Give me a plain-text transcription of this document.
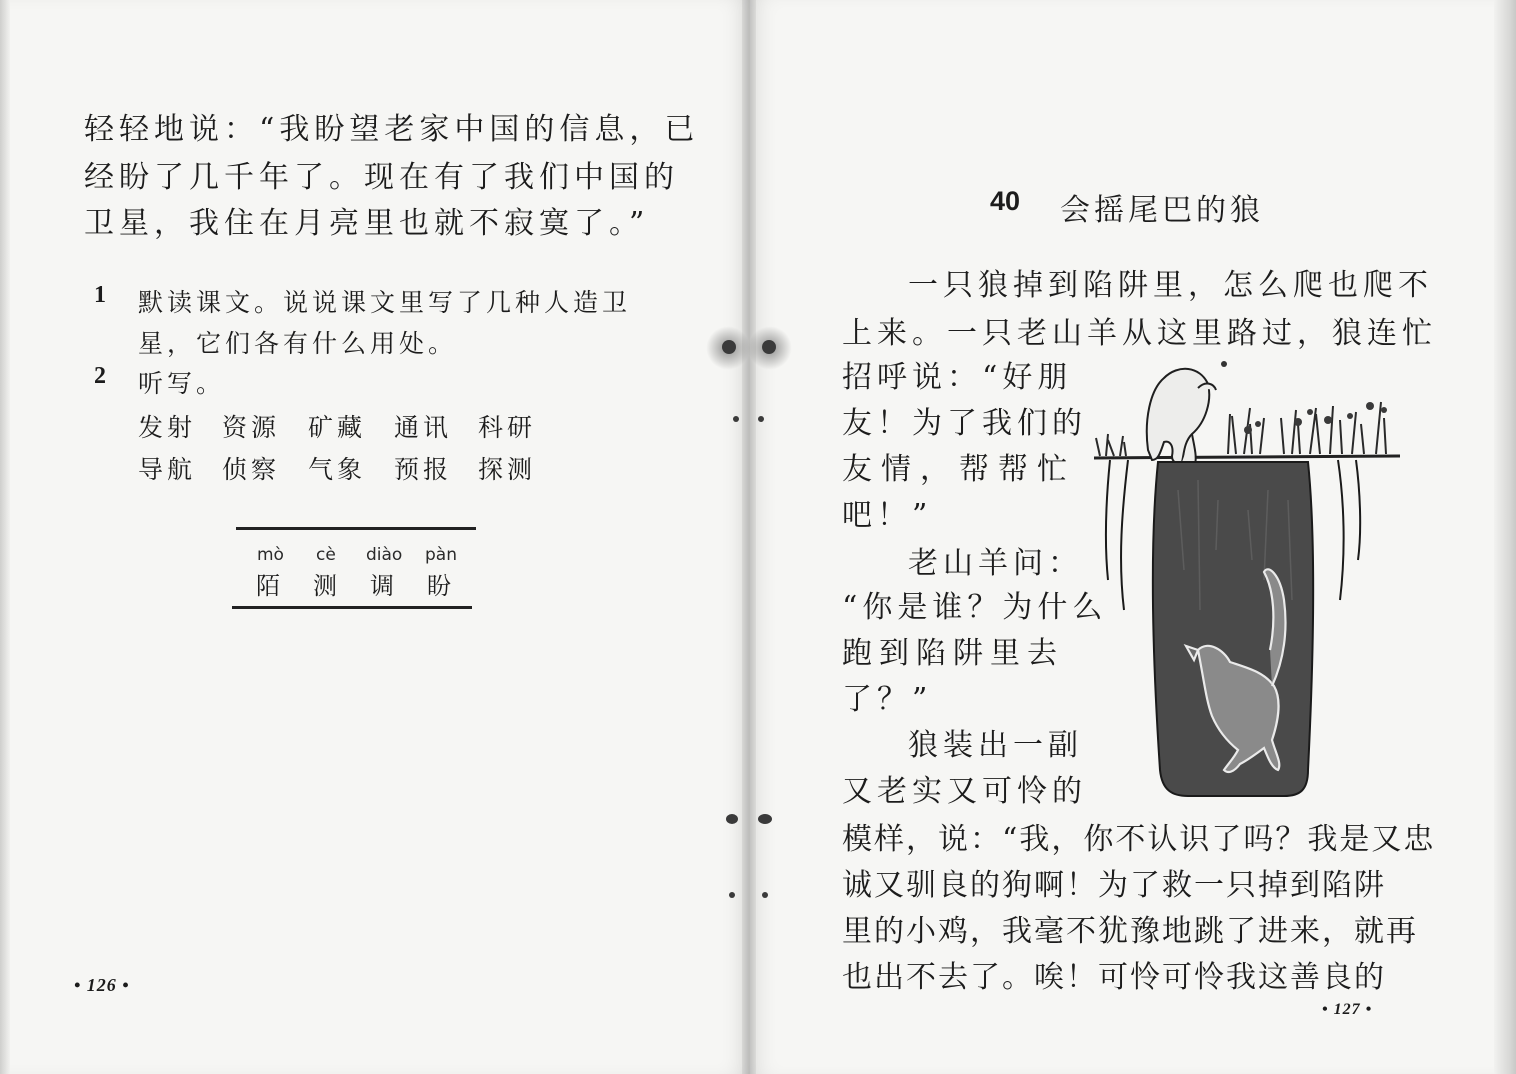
轻轻地说：“我盼望老家中国的信息，已
经盼了几千年了。现在有了我们中国的
卫星，我住在月亮里也就不寂寞了。”
1 默读课文。说说课文里写了几种人造卫
星，它们各有什么用处。
2 听写。
发射 资源 矿藏 通讯 科研
导航 侦察 气象 预报 探测
mò cè diào pàn
陌 测 调 盼
• 126 •
40 会摇尾巴的狼
一只狼掉到陷阱里，怎么爬也爬不
上来。一只老山羊从这里路过，狼连忙
招呼说：“好朋
友！为了我们的
友情，帮帮忙
吧！”
老山羊问：
“你是谁？为什么
跑到陷阱里去
了？”
狼装出一副
又老实又可怜的
模样，说：“我，你不认识了吗？我是又忠
诚又驯良的狗啊！为了救一只掉到陷阱
里的小鸡，我毫不犹豫地跳了进来，就再
也出不去了。唉！可怜可怜我这善良的
• 127 •
